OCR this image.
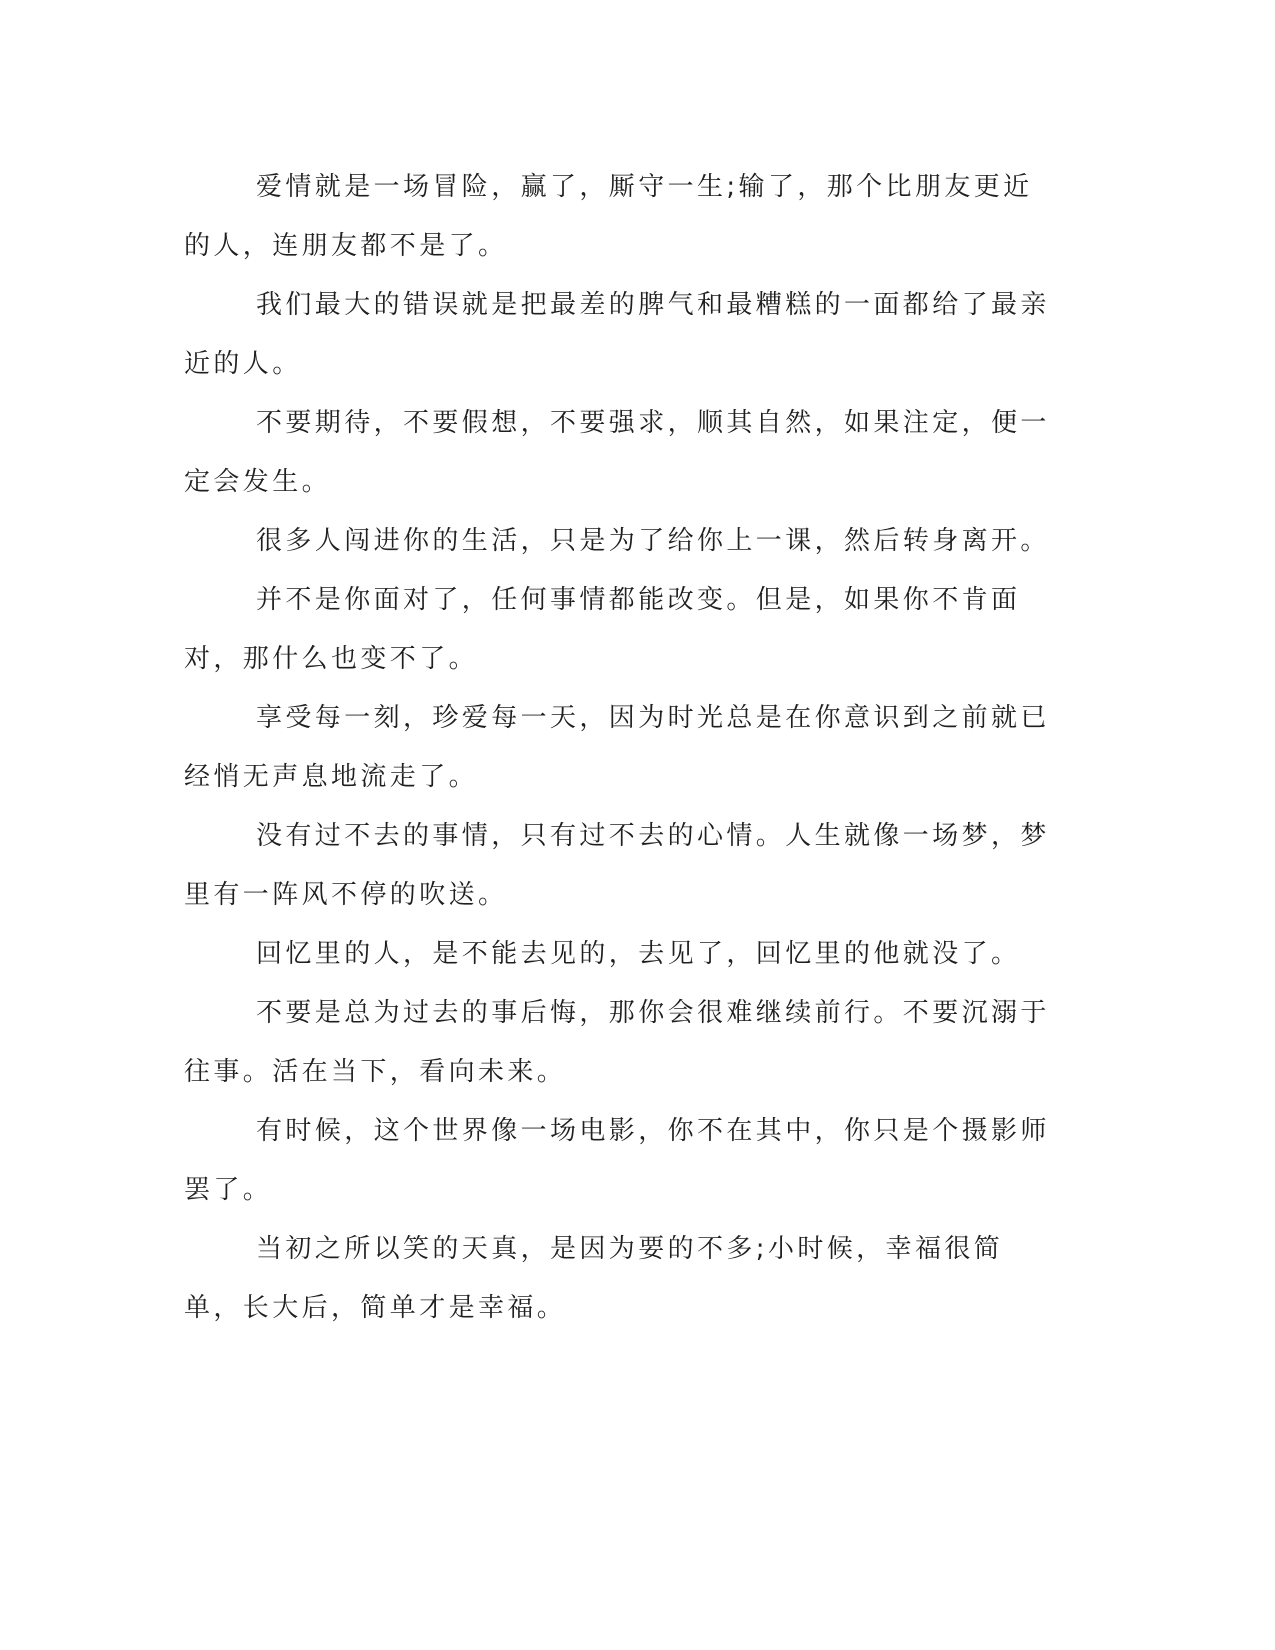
爱情就是一场冒险，赢了，厮守一生;输了，那个比朋友更近的人，连朋友都不是了。

我们最大的错误就是把最差的脾气和最糟糕的一面都给了最亲近的人。

不要期待，不要假想，不要强求，顺其自然，如果注定，便一定会发生。

很多人闯进你的生活，只是为了给你上一课，然后转身离开。

并不是你面对了，任何事情都能改变。但是，如果你不肯面对，那什么也变不了。

享受每一刻，珍爱每一天，因为时光总是在你意识到之前就已经悄无声息地流走了。

没有过不去的事情，只有过不去的心情。人生就像一场梦，梦里有一阵风不停的吹送。

回忆里的人，是不能去见的，去见了，回忆里的他就没了。

不要是总为过去的事后悔，那你会很难继续前行。不要沉溺于往事。活在当下，看向未来。

有时候，这个世界像一场电影，你不在其中，你只是个摄影师罢了。

当初之所以笑的天真，是因为要的不多;小时候，幸福很简单，长大后，简单才是幸福。
